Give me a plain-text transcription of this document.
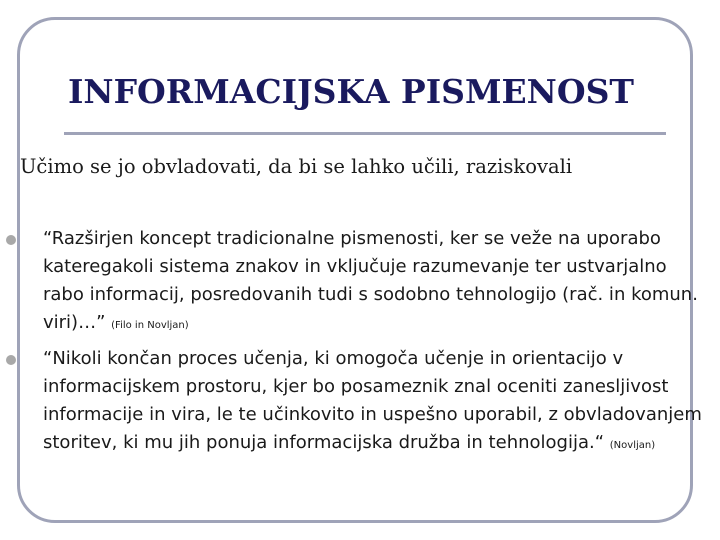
INFORMACIJSKA PISMENOST
Učimo se jo obvladovati, da bi se lahko učili, raziskovali
“Razširjen koncept tradicionalne pismenosti, ker se veže na uporabo kateregakoli sistema znakov in vključuje razumevanje ter ustvarjalno rabo informacij, posredovanih tudi s sodobno tehnologijo (rač. in komun. viri)…” (Filo in Novljan)
“Nikoli končan proces učenja, ki omogoča učenje in orientacijo v informacijskem prostoru, kjer bo posameznik znal oceniti zanesljivost informacije in vira, le te učinkovito in uspešno uporabil, z obvladovanjem storitev, ki mu jih ponuja informacijska družba in tehnologija.“ (Novljan)
